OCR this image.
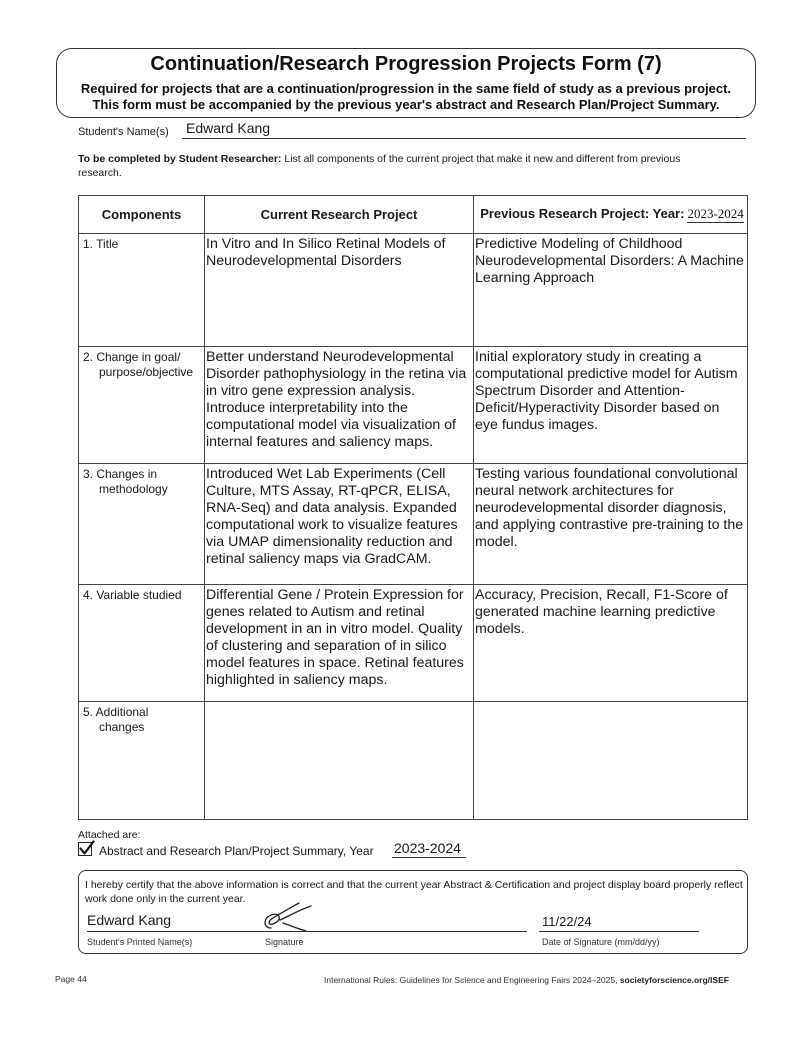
Continuation/Research Progression Projects Form (7)
Required for projects that are a continuation/progression in the same field of study as a previous project.
This form must be accompanied by the previous year's abstract and Research Plan/Project Summary.
Student's Name(s) Edward Kang
To be completed by Student Researcher: List all components of the current project that make it new and different from previous research.
Components	Current Research Project	Previous Research Project: Year: 2023-2024
1. Title	In Vitro and In Silico Retinal Models of Neurodevelopmental Disorders	Predictive Modeling of Childhood Neurodevelopmental Disorders: A Machine Learning Approach
2. Change in goal/
purpose/objective	Better understand Neurodevelopmental Disorder pathophysiology in the retina via in vitro gene expression analysis. Introduce interpretability into the computational model via visualization of internal features and saliency maps.	Initial exploratory study in creating a computational predictive model for Autism Spectrum Disorder and Attention-Deficit/Hyperactivity Disorder based on eye fundus images.
3. Changes in
methodology	Introduced Wet Lab Experiments (Cell Culture, MTS Assay, RT-qPCR, ELISA, RNA-Seq) and data analysis. Expanded computational work to visualize features via UMAP dimensionality reduction and retinal saliency maps via GradCAM.	Testing various foundational convolutional neural network architectures for neurodevelopmental disorder diagnosis, and applying contrastive pre-training to the model.
4. Variable studied	Differential Gene / Protein Expression for genes related to Autism and retinal development in an in vitro model. Quality of clustering and separation of in silico model features in space. Retinal features highlighted in saliency maps.	Accuracy, Precision, Recall, F1-Score of generated machine learning predictive models.
5. Additional
changes		

Attached are:
Abstract and Research Plan/Project Summary, Year 2023-2024
I hereby certify that the above information is correct and that the current year Abstract & Certification and project display board properly reflect work done only in the current year.
Edward Kang	11/22/24
Student's Printed Name(s)	Signature	Date of Signature (mm/dd/yy)
Page 44	International Rules: Guidelines for Science and Engineering Fairs 2024–2025, societyforscience.org/ISEF
